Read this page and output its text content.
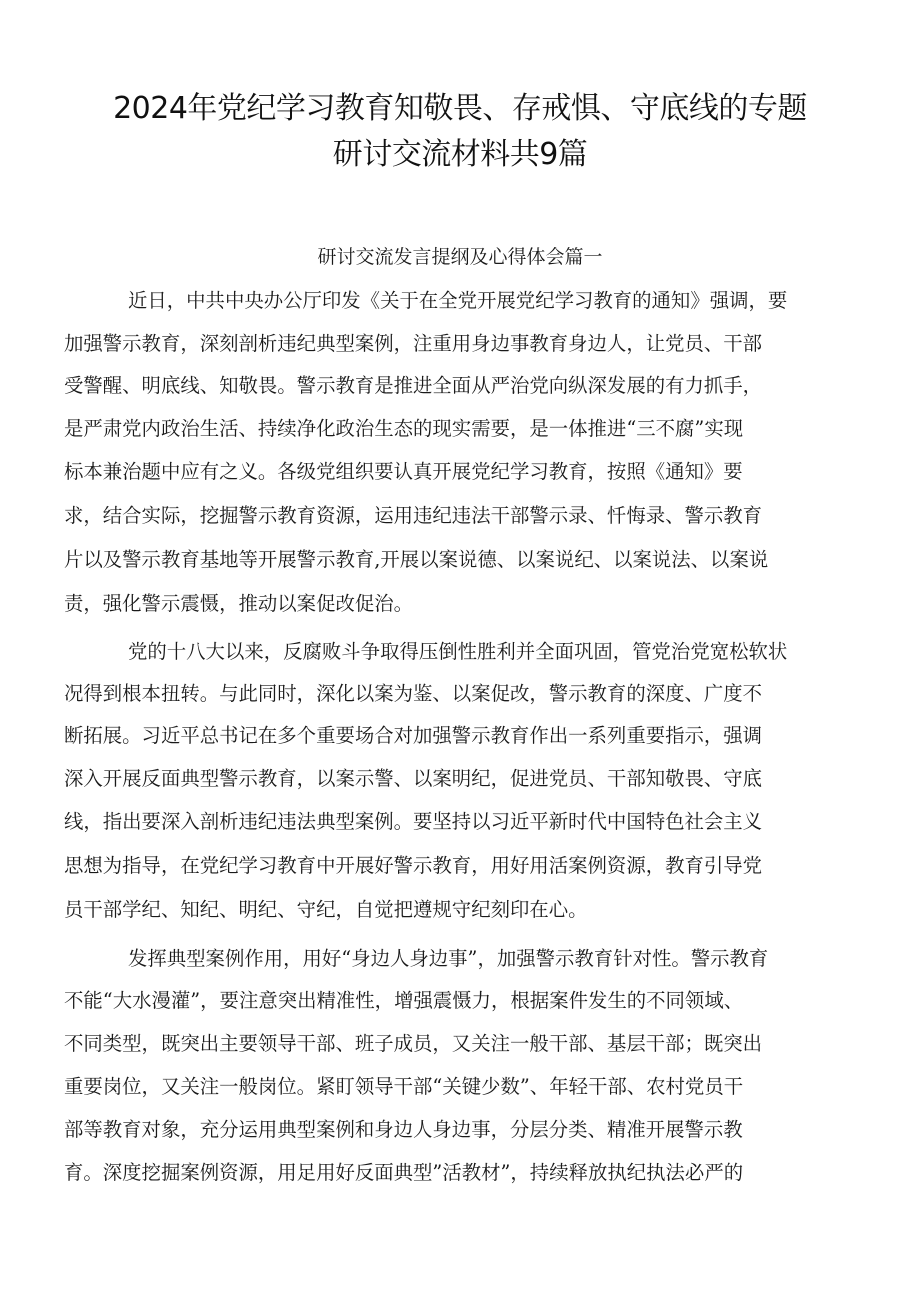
2024年党纪学习教育知敬畏、存戒惧、守底线的专题
研讨交流材料共9篇

研讨交流发言提纲及心得体会篇一

近日，中共中央办公厅印发《关于在全党开展党纪学习教育的通知》强调，要

加强警示教育，深刻剖析违纪典型案例，注重用身边事教育身边人，让党员、干部

受警醒、明底线、知敬畏。警示教育是推进全面从严治党向纵深发展的有力抓手，

是严肃党内政治生活、持续净化政治生态的现实需要，是一体推进“三不腐”实现

标本兼治题中应有之义。各级党组织要认真开展党纪学习教育，按照《通知》要

求，结合实际，挖掘警示教育资源，运用违纪违法干部警示录、忏悔录、警示教育

片以及警示教育基地等开展警示教育,开展以案说德、以案说纪、以案说法、以案说

责，强化警示震慑，推动以案促改促治。

党的十八大以来，反腐败斗争取得压倒性胜利并全面巩固，管党治党宽松软状

况得到根本扭转。与此同时，深化以案为鉴、以案促改，警示教育的深度、广度不

断拓展。习近平总书记在多个重要场合对加强警示教育作出一系列重要指示，强调

深入开展反面典型警示教育，以案示警、以案明纪，促进党员、干部知敬畏、守底

线，指出要深入剖析违纪违法典型案例。要坚持以习近平新时代中国特色社会主义

思想为指导，在党纪学习教育中开展好警示教育，用好用活案例资源，教育引导党

员干部学纪、知纪、明纪、守纪，自觉把遵规守纪刻印在心。

发挥典型案例作用，用好“身边人身边事”，加强警示教育针对性。警示教育

不能“大水漫灌”，要注意突出精准性，增强震慑力，根据案件发生的不同领域、

不同类型，既突出主要领导干部、班子成员，又关注一般干部、基层干部；既突出

重要岗位，又关注一般岗位。紧盯领导干部“关键少数”、年轻干部、农村党员干

部等教育对象，充分运用典型案例和身边人身边事，分层分类、精准开展警示教

育。深度挖掘案例资源，用足用好反面典型”活教材”，持续释放执纪执法必严的
